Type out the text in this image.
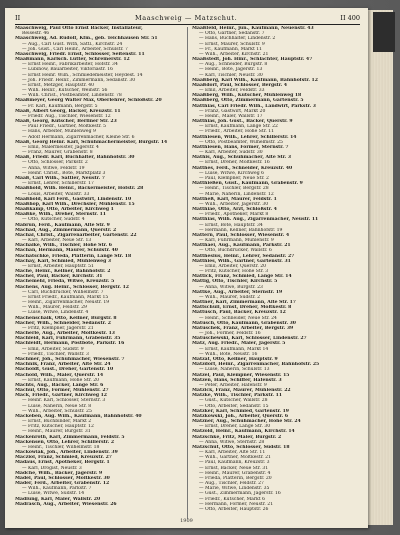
II	Maaschweig — Matzschut.	II 400
Maaschweig, Paul Otto Ernst Bäcker, Installateur,
Reisestr. 46
Maaschweig, Ad. Rudolf, Kfm., geb. Teichhausen Str. 51
— Aug., Carl Gust. With, Sattl., Kirchstr. 24
— Joh. Gust., Carl Heinr., Arbeiter, Schulstr. 7
Maaschweig, Friedr. Ernst, Schlosser, Seitenstr. 11
Maaßmann, Karlsch. Lutter, Schreinerstr. 12
— Ernst Heinr., Fabrikarbeiter, Hofstr. 34
— Lubinow, Bauarbeiter, Viktoriastr. 16
— Ernst Heinr. Wilh., Schmiedemeister, Heydest. 14
— Joh. Friedr. Heinr., Zimmermann, Sedanstr. 30
— Ernst, Metzger, Hauptstr. 40
— Wilh. Heinr., Kutscher, Weinstr. 56
— Wilh. Christ., Postbeamter, Lindenstr. 78
Maaßmeyer, Georg Walter Max, Oberlehrer, Schloßstr. 20
— Fr. Karl, Kaufmann, Bergstr. 5
Maaß, Albert Georg, Bäcker, Kreuzstr. 11
— Friedr. Aug., Tischler, Wiesenstr. 12
Maaß, Georg, Kutscher, Berliner Str. 23
— Paul Friedr., Gärtner, Moltkestr. 5
— Hans, Arbeiter, Mühlenweg 9
— Adolf Hermann, Zigarrenmacher, Kleine Str. 6
Maaß, Georg Heinr. Karl, Schuhmachermeister, Burgstr. 14
— Emil, Malermeister, Jägerstr. 4
— Franz, Maurer, Grabenstr. 8
Maaß, Friedr. Karl, Buchhalter, Bahnhofstr. 30
— Otto, Schlosser, Parkstr. 2
— Anna, Witwe, Feldstr. 19
— Heinr. Christ., Bote, Marktplatz 3
Maaß, Carl Wilh., Sattler, Neustr. 7
— Ernst, Lehrer, Schillerstr. 17
Maaßhold, Wilh. Heinr., Bäckermeister, Hofstr. 28
— Louis, Arbeiter, Wallstr. 33
Maaßhold, Karl Ferd., Gastwirt, Lindenstr. 10
Maaßhop, Karl Wilh., Drechsler, Mühlenstr. 15
Maaßkamp, Otto, Arbeiter, Kirchweg 1
Maaßke, Wilh., Dreher, Sternstr. 11
— Otto, Kutscher, Südstr. 4
Mabrun, Ferd., Kaufmann, Alte Str. 9
Machad, Aug., Zimmermann, Querstr. 2
Machal, Christ., Zigarrenarbeiter, Gartenstr. 22
— Karl, Arbeiter, Neue Str. 13
Machalke, Wilh., Tischler, Hohe Str. 6
Machan, Hermann, Maurer, Schulstr. 40
Machatschke, Frieda, Plätterin, Lange Str. 18
Machay, Karl, Schmied, Mühlenweg 3
— Ernst, Arbeiter, Hauptstr. 51
Maché, Heinr., Kellner, Bahnhofstr. 2
Machel, Paul, Bäcker, Kirchstr. 31
Machemehl, Frieda, Witwe, Kreuzstr. 5
Machens, Aug. Heinr., Schlosser, Bergstr. 12
— Carl, Buchdrucker, Wilhelmstr. 7
— Ernst Friedr., Kaufmann, Markt 15
— Heinr., Zigarrenmacher, Neustr. 19
— Wilh., Maurer, Feldstr. 29
— Luise, Witwe, Lindenstr. 4
Machenschalk, Otto, Kellner, Burgstr. 8
Macher, Wilh., Schneider, Sedanstr. 2
— Fritz, Klempner, Jägerstr. 21
Mächerle, Aug., Arbeiter, Moltkestr. 13
Machleid, Karl, Fuhrmann, Grabenstr. 35
Machleidt, Hermann, Postbote, Parkstr. 16
— Emil, Arbeiter, Südstr. 9
— Friedr., Tischler, Wallstr. 3
Machmer, Joh., Schuhmacher, Wiesenstr. 7
Machnik, Franz, Arbeiter, Alte Str. 24
Macholdt, Gust., Dreher, Gartenstr. 10
Machold, Wilh., Maler, Querstr. 14
— Ernst, Kaufmann, Hohe Str. 20
Machts, Aug., Bäcker, Lange Str. 6
Machul, Otto, Former, Mühlenstr. 27
Mack, Friedr., Gärtner, Kirchweg 12
— Heinr. Karl, Schlosser, Sternstr. 3
— Luise, Näherin, Neue Str. 8
— Wilh., Arbeiter, Schulstr. 25
Mackeben, Aug. Wilh., Kaufmann, Bahnhofstr. 40
— Ernst, Buchbinder, Markt 2
— Fritz, Kutscher, Hauptstr. 12
— Heinr., Maurer, Burgstr. 31
Mackenroth, Karl, Zimmermann, Feldstr. 5
Mackensen, Otto, Lehrer, Schillerstr. 2
— Heinr., Tischler, Wilhelmstr. 18
Mackowiak, Joh., Arbeiter, Lindenstr. 39
Macziol, Franz, Schmied, Kreuzstr. 27
Madaus, Ernst, Apotheker, Bergstr. 1
— Karl, Drogist, Neustr. 3
Mädche, Wilh., Bäcker, Jägerstr. 9
Madel, Paul, Schlosser, Moltkestr. 30
Mader, Ferd., Arbeiter, Grabenstr. 12
— Wilh., Kaufmann, Parkstr. 7
— Luise, Witwe, Südstr. 14
Madlung, Karl, Maler, Wallstr. 20
Madrasch, Aug., Arbeiter, Wiesenstr. 26
Maaßfeld, Heinr., jun., Kaufmann, Neuenstr. 43
— Otto, Gärtner, Sedanstr. 7
— Hans, Buchhalter, Lindenstr. 2
— Ernst, Maurer, Schulstr. 9
— Fr., Kaufmann, Markt 11
— Wilh., Arbeiter, Kirchstr. 21
Maaßstedt, Joh. Hinr., Schlachter, Hauptstr. 47
— Aug., Schneider, Burgstr. 8
— Heinr., Bote, Jägerstr. 13
— Karl, Tischler, Neustr. 30
Maaßberg, Karl Wilh., Kaufmann, Bahnhofstr. 12
Maaßdorf, Paul, Schlosser, Bergstr. 4
— Emil, Arbeiter, Feldstr. 33
Maaßberg, Wilh., Kutscher, Mühlenweg 18
Maaßberg, Otto, Zimmermann, Gartenstr. 5
Matthias, Carl Friedr. Wilh., Landwirt, Parkstr. 3
— Franz, Gastwirt, Markt 20
— Heinr., Maler, Wallstr. 17
Matthias, Joh. Gust., Bäcker, Querstr. 9
— Ernst, Kaufmann, Lange Str. 22
— Friedr., Arbeiter, Hohe Str. 11
Matthiesen, Wilh., Lehrer, Schillerstr. 14
— Otto, Postbeamter, Wilhelmstr. 25
Matthiesen, Hans, Former, Sternstr. 7
— Karl, Arbeiter, Südstr. 30
Mathis, Aug., Schuhmacher, Alte Str. 3
— Ernst, Dreher, Moltkestr. 16
Matthes, Ferd., Schneider, Kreuzstr. 40
— Luise, Witwe, Kirchweg 6
— Paul, Klempner, Neue Str. 2
Matthießen, Gust., Kaufmann, Grabenstr. 9
— Heinr., Tischler, Bergstr. 28
— Marie, Näherin, Lindenstr. 12
Mattheß, Karl, Maurer, Feldstr. 1
— Wilh., Arbeiter, Jägerstr. 30
Matthiae, Otto, Arzt, Schloßstr. 4
— Friedr., Apotheker, Markt 8
Matthias, Wilh. Aug., Zigarrenmacher, Neustr. 11
— Ernst, Bote, Hauptstr. 34
— Hermann, Kellner, Bahnhofstr. 19
Mattern, Paul, Schlosser, Wiesenstr. 4
— Karl, Fuhrmann, Mühlenstr. 9
Matthaei, Aug., Kaufmann, Parkstr. 21
— Otto, Buchdrucker, Wallstr. 6
Matthesius, Heinr., Lehrer, Sedanstr. 27
Matthies, Wilh., Gärtner, Gartenstr. 31
— Emil, Arbeiter, Querstr. 20
— Fritz, Kutscher, Hohe Str. 3
Mattick, Franz, Schmied, Lange Str. 14
Mattig, Otto, Tischler, Kirchstr. 5
— Anna, Witwe, Burgstr. 23
Mattke, Aug., Arbeiter, Sternstr. 19
— Wilh., Maurer, Südstr. 2
Mattner, Karl, Zimmermann, Alte Str. 17
Mattschull, Ernst, Dreher, Moltkestr. 8
Mattusch, Paul, Bäcker, Kreuzstr. 12
— Heinr., Schneider, Neue Str. 24
Matusch, Otto, Kaufmann, Grabenstr. 30
Matuschek, Franz, Arbeiter, Bergstr. 39
— Joh., Former, Feldstr. 16
Matuschewski, Karl, Schlosser, Lindenstr. 27
Matz, Aug. Friedr., Maler, Jägerstr. 5
— Ernst, Kaufmann, Markt 14
— Wilh., Bote, Neustr. 16
Matzat, Otto, Kellner, Hauptstr. 9
Matzdorf, Heinr., Zigarrenmacher, Bahnhofstr. 25
— Luise, Näherin, Schulstr. 13
Matzel, Paul, Klempner, Wiesenstr. 15
Matzen, Hans, Schiffer, Hafenstr. 3
— Peter, Arbeiter, Hafenstr. 9
Matzick, Franz, Maurer, Mühlenstr. 22
Matzke, Wilh., Tischler, Parkstr. 11
— Gust., Kutscher, Wallstr. 28
— Otto, Arbeiter, Sedanstr. 15
Matzker, Karl, Schmied, Gartenstr. 19
Matzkowski, Joh., Arbeiter, Querstr. 6
Matzner, Aug., Schuhmacher, Hohe Str. 24
— Ernst, Dreher, Lange Str. 30
Matzold, Heinr., Kaufmann, Kirchstr. 14
Matzschke, Fritz, Maler, Burgstr. 2
— Anna, Witwe, Sternstr. 28
Matzschut, Otto, Schlosser, Südstr. 18
— Karl, Arbeiter, Alte Str. 11
— Wilh., Gärtner, Moltkestr. 21
— Paul, Kaufmann, Kreuzstr. 3
— Ernst, Bäcker, Neue Str. 31
— Heinr., Maurer, Grabenstr. 4
— Frieda, Plätterin, Bergstr. 20
— Aug., Tischler, Feldstr. 27
— Marie, Witwe, Lindenstr. 35
— Gust., Zimmermann, Jägerstr. 16
— Friedr., Kutscher, Markt 6
— Hermann, Former, Neustr. 21
— Otto, Arbeiter, Hauptstr. 26
1909
